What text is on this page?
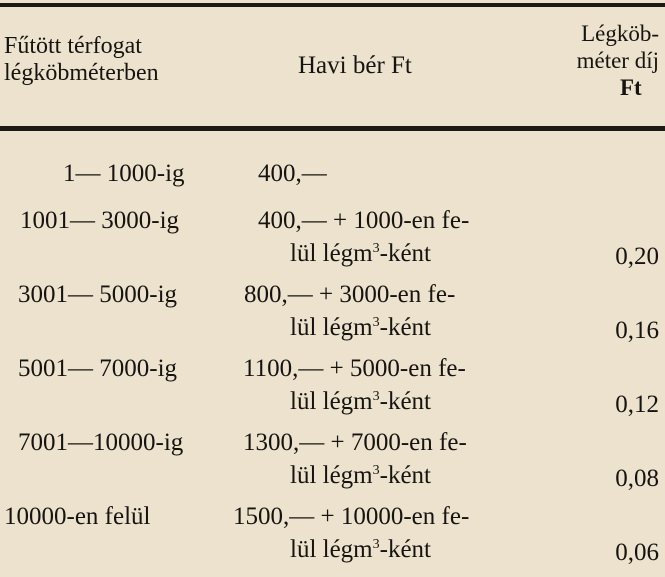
Fűtött térfogat
légköbméterben	Havi bér Ft
Légköb-
méter díj
Ft
1— 1000-ig	400,—
1001— 3000-ig	400,— + 1000-en fe-
lül légm$^3$-ként	0,20
3001— 5000-ig	800,— + 3000-en fe-
lül légm$^3$-ként	0,16
5001— 7000-ig	1100,— + 5000-en fe-
lül légm$^3$-ként	0,12
7001—10000-ig 1300,— + 7000-en fe-
lül légm$^3$-ként	0,08
10000-en felül	1500,— + 10000-en fe-
lül légm$^3$-ként	0,06
